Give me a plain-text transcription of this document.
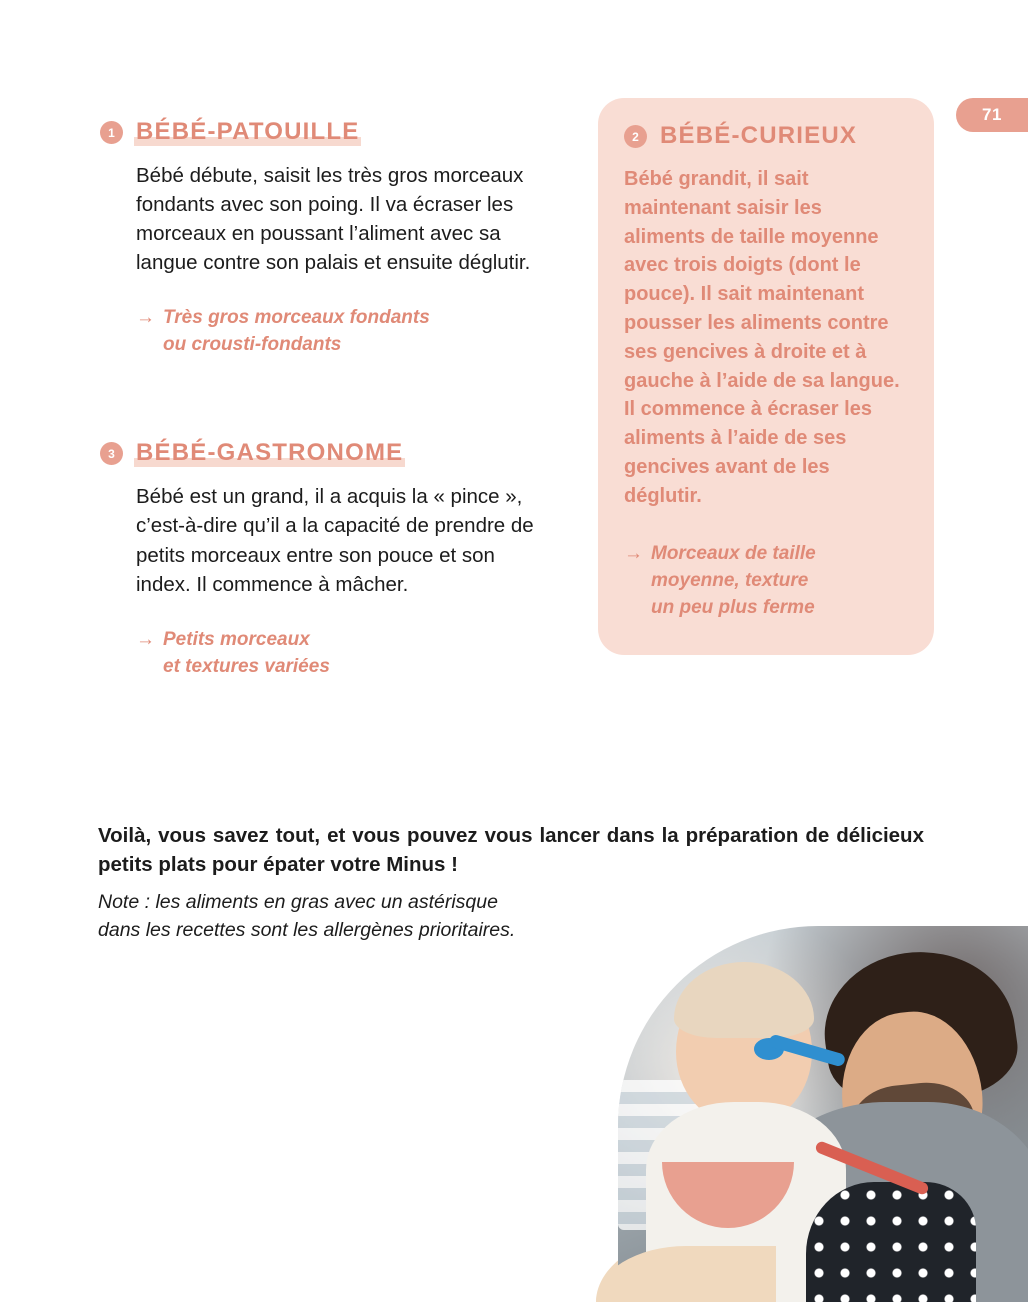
71
1 BÉBÉ-PATOUILLE

Bébé débute, saisit les très gros morceaux fondants avec son poing. Il va écraser les morceaux en poussant l’aliment avec sa langue contre son palais et ensuite déglutir.

→ Très gros morceaux fondants
ou crousti-fondants
3 BÉBÉ-GASTRONOME

Bébé est un grand, il a acquis la « pince », c’est-à-dire qu’il a la capacité de prendre de petits morceaux entre son pouce et son index. Il commence à mâcher.

→ Petits morceaux
et textures variées
2 BÉBÉ-CURIEUX

Bébé grandit, il sait maintenant saisir les aliments de taille moyenne avec trois doigts (dont le pouce). Il sait maintenant pousser les aliments contre ses gencives à droite et à gauche à l’aide de sa langue. Il commence à écraser les aliments à l’aide de ses gencives avant de les déglutir.

→ Morceaux de taille
moyenne, texture
un peu plus ferme

Voilà, vous savez tout, et vous pouvez vous lancer dans la préparation de délicieux petits plats pour épater votre Minus !

Note : les aliments en gras avec un astérisque
dans les recettes sont les allergènes prioritaires.
